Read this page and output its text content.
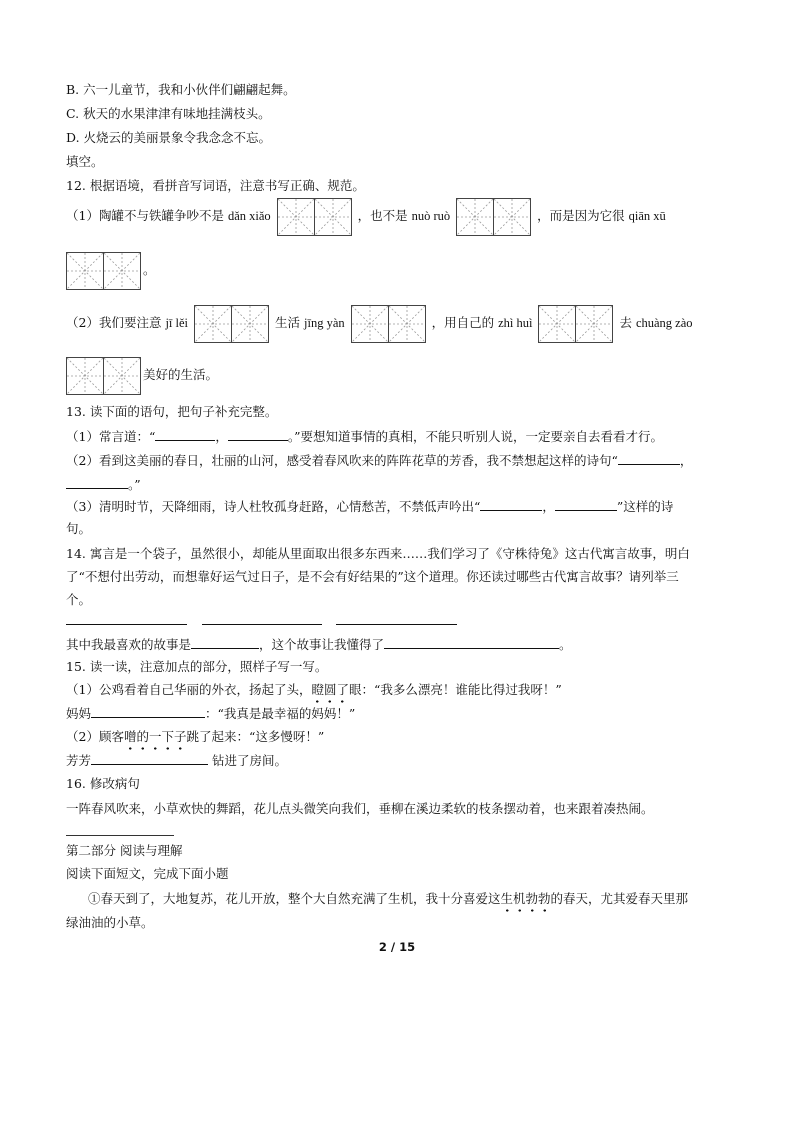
B. 六一儿童节，我和小伙伴们翩翩起舞。
C. 秋天的水果津津有味地挂满枝头。
D. 火烧云的美丽景象令我念念不忘。
填空。
12. 根据语境，看拼音写词语，注意书写正确、规范。
（1）陶罐不与铁罐争吵不是 dǎn xiǎo	，也不是 nuò ruò	，而是因为它很 qiān xū
。
（2）我们要注意 jī lěi	生活 jīng yàn	，用自己的 zhì huì	去 chuàng zào
美好的生活。
13. 读下面的语句，把句子补充完整。
（1）常言道：“	，	。”要想知道事情的真相，不能只听别人说，一定要亲自去看看才行。
（2）看到这美丽的春日，壮丽的山河，感受着春风吹来的阵阵花草的芳香，我不禁想起这样的诗句“	，
。”
（3）清明时节，天降细雨，诗人杜牧孤身赶路，心情愁苦，不禁低声吟出“	，	”这样的诗
句。
14. 寓言是一个袋子，虽然很小，却能从里面取出很多东西来……我们学习了《守株待兔》这古代寓言故事，明白
了“不想付出劳动，而想靠好运气过日子，是不会有好结果的”这个道理。你还读过哪些古代寓言故事？请列举三
个。
其中我最喜欢的故事是	，这个故事让我懂得了	。
15. 读一读，注意加点的部分，照样子写一写。
（1）公鸡看着自己华丽的外衣，扬起了头，瞪圆了眼：“我多么漂亮！谁能比得过我呀！”
妈妈	：“我真是最幸福的妈妈！”
（2）顾客噌的一下子跳了起来：“这多慢呀！”
芳芳	钻进了房间。
16. 修改病句
一阵春风吹来，小草欢快的舞蹈，花儿点头微笑向我们，垂柳在溪边柔软的枝条摆动着，也来跟着凑热闹。
第二部分 阅读与理解
阅读下面短文，完成下面小题
①春天到了，大地复苏，花儿开放，整个大自然充满了生机，我十分喜爱这生机勃勃的春天，尤其爱春天里那
绿油油的小草。
2 / 15
